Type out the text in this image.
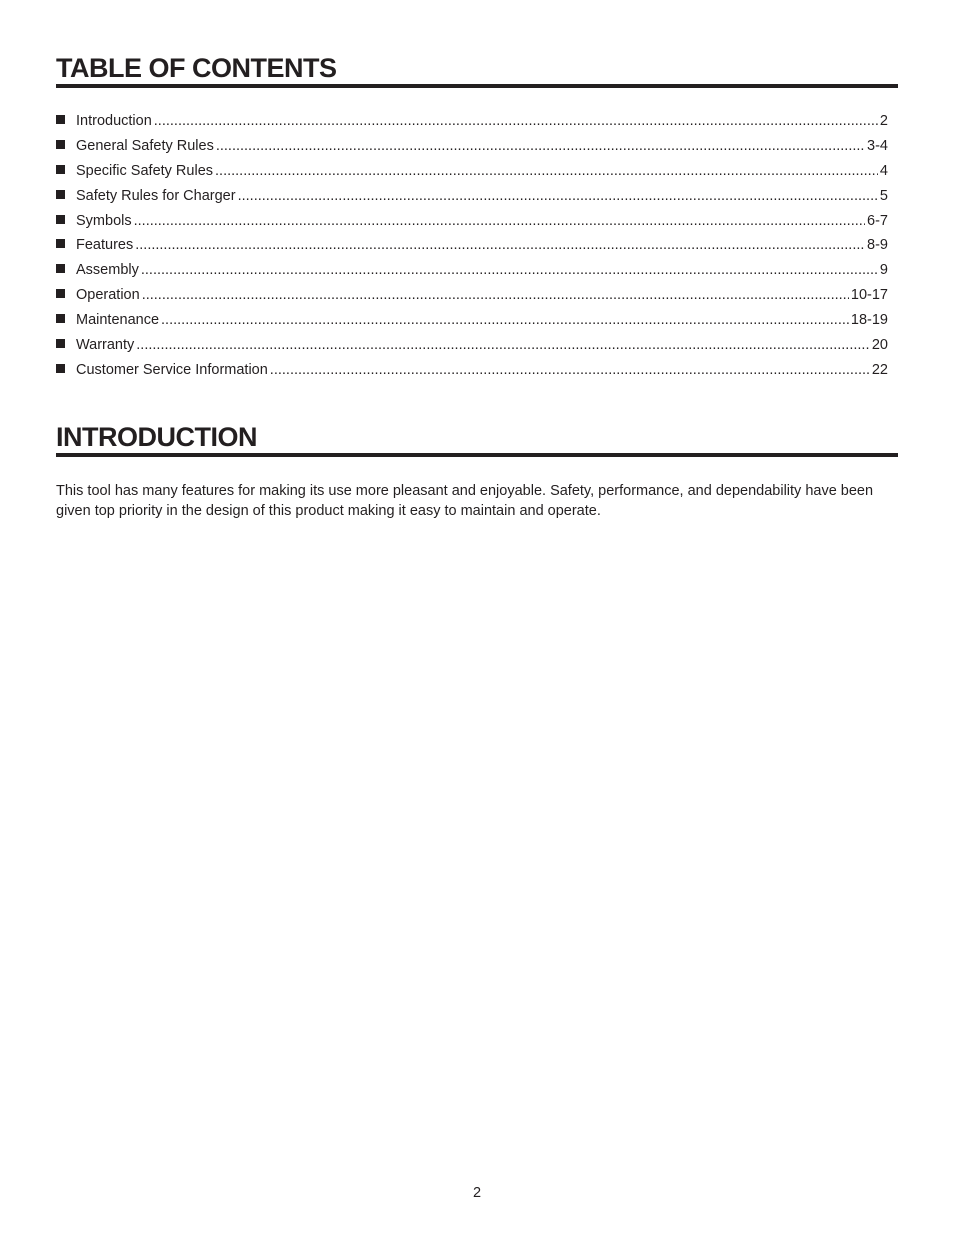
TABLE OF CONTENTS
Introduction .....	2
General Safety Rules .....	3-4
Specific Safety Rules .....	4
Safety Rules for Charger .....	5
Symbols .....	6-7
Features .....	8-9
Assembly .....	9
Operation .....	10-17
Maintenance .....	18-19
Warranty .....	20
Customer Service Information .....	22
INTRODUCTION

This tool has many features for making its use more pleasant and enjoyable. Safety, performance, and dependability have been given top priority in the design of this product making it easy to maintain and operate.

2
